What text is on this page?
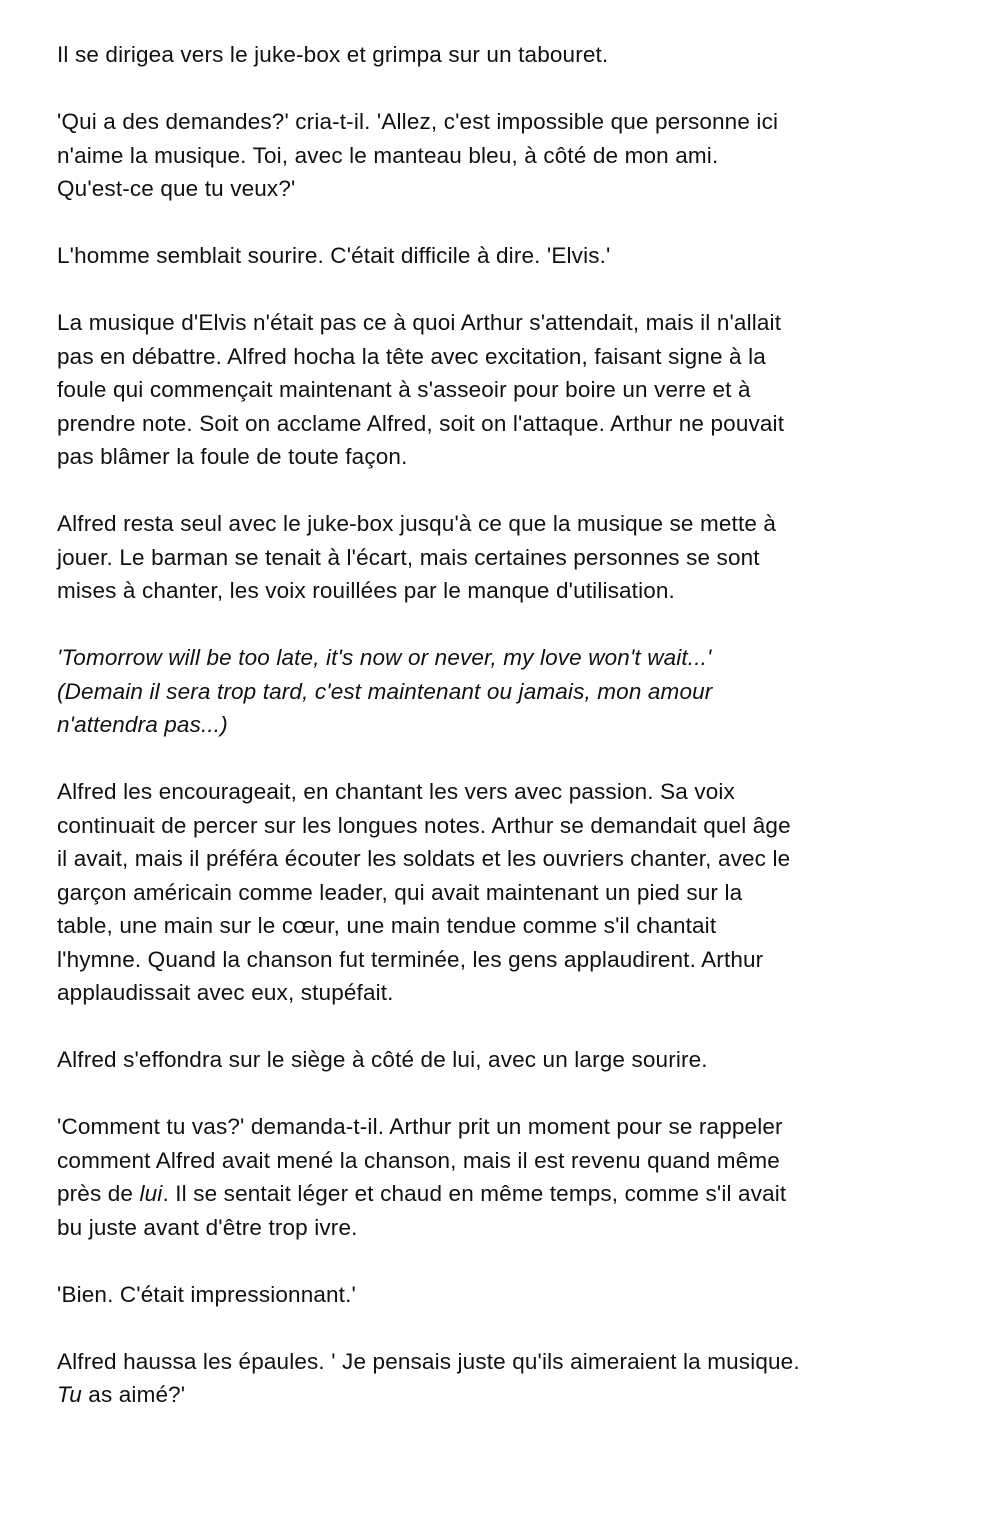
Il se dirigea vers le juke-box et grimpa sur un tabouret.

'Qui a des demandes?' cria-t-il. 'Allez, c'est impossible que personne ici
n'aime la musique. Toi, avec le manteau bleu, à côté de mon ami.
Qu'est-ce que tu veux?'

L'homme semblait sourire. C'était difficile à dire. 'Elvis.'

La musique d'Elvis n'était pas ce à quoi Arthur s'attendait, mais il n'allait
pas en débattre. Alfred hocha la tête avec excitation, faisant signe à la
foule qui commençait maintenant à s'asseoir pour boire un verre et à
prendre note. Soit on acclame Alfred, soit on l'attaque. Arthur ne pouvait
pas blâmer la foule de toute façon.

Alfred resta seul avec le juke-box jusqu'à ce que la musique se mette à
jouer. Le barman se tenait à l'écart, mais certaines personnes se sont
mises à chanter, les voix rouillées par le manque d'utilisation.

'Tomorrow will be too late, it's now or never, my love won't wait...'
(Demain il sera trop tard, c'est maintenant ou jamais, mon amour
n'attendra pas...)

Alfred les encourageait, en chantant les vers avec passion. Sa voix
continuait de percer sur les longues notes. Arthur se demandait quel âge
il avait, mais il préféra écouter les soldats et les ouvriers chanter, avec le
garçon américain comme leader, qui avait maintenant un pied sur la
table, une main sur le cœur, une main tendue comme s'il chantait
l'hymne. Quand la chanson fut terminée, les gens applaudirent. Arthur
applaudissait avec eux, stupéfait.

Alfred s'effondra sur le siège à côté de lui, avec un large sourire.

'Comment tu vas?' demanda-t-il. Arthur prit un moment pour se rappeler
comment Alfred avait mené la chanson, mais il est revenu quand même
près de lui. Il se sentait léger et chaud en même temps, comme s'il avait
bu juste avant d'être trop ivre.

'Bien. C'était impressionnant.'

Alfred haussa les épaules. ' Je pensais juste qu'ils aimeraient la musique.
Tu as aimé?'
